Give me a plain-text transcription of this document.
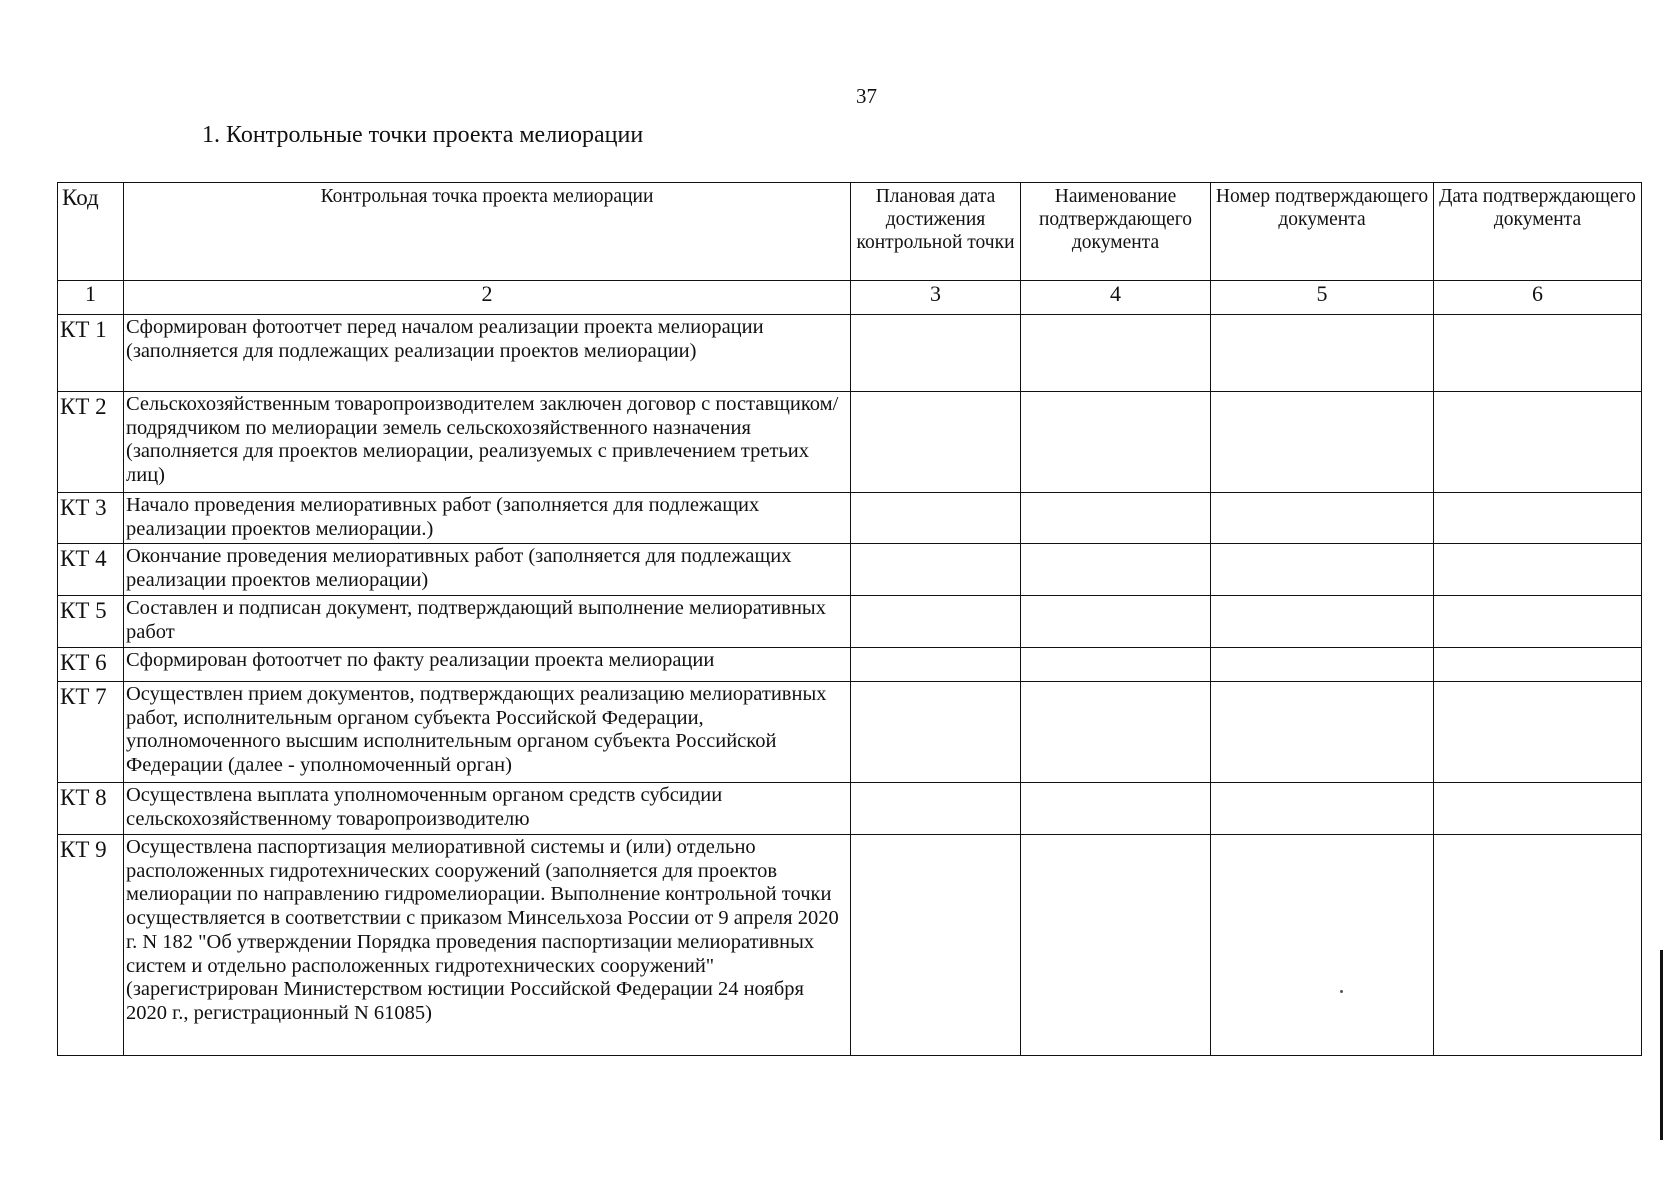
37
1. Контрольные точки проекта мелиорации
Код	Контрольная точка проекта мелиорации	Плановая дата достижения контрольной точки	Наименование подтверждающего документа	Номер подтверждающего документа	Дата подтверждающего документа
1	2	3	4	5	6
КТ 1	Сформирован фотоотчет перед началом реализации проекта мелиорации (заполняется для подлежащих реализации проектов мелиорации)				
КТ 2	Сельскохозяйственным товаропроизводителем заключен договор с поставщиком/подрядчиком по мелиорации земель сельскохозяйственного назначения (заполняется для проектов мелиорации, реализуемых с привлечением третьих лиц)				
КТ 3	Начало проведения мелиоративных работ (заполняется для подлежащих реализации проектов мелиорации.)				
КТ 4	Окончание проведения мелиоративных работ (заполняется для подлежащих реализации проектов мелиорации)				
КТ 5	Составлен и подписан документ, подтверждающий выполнение мелиоративных работ				
КТ 6	Сформирован фотоотчет по факту реализации проекта мелиорации				
КТ 7	Осуществлен прием документов, подтверждающих реализацию мелиоративных работ, исполнительным органом субъекта Российской Федерации, уполномоченного высшим исполнительным органом субъекта Российской Федерации (далее - уполномоченный орган)				
КТ 8	Осуществлена выплата уполномоченным органом средств субсидии сельскохозяйственному товаропроизводителю				
КТ 9	Осуществлена паспортизация мелиоративной системы и (или) отдельно расположенных гидротехнических сооружений (заполняется для проектов мелиорации по направлению гидромелиорации. Выполнение контрольной точки осуществляется в соответствии с приказом Минсельхоза России от 9 апреля 2020 г. N 182 "Об утверждении Порядка проведения паспортизации мелиоративных систем и отдельно расположенных гидротехнических сооружений" (зарегистрирован Министерством юстиции Российской Федерации 24 ноября 2020 г., регистрационный N 61085)				
